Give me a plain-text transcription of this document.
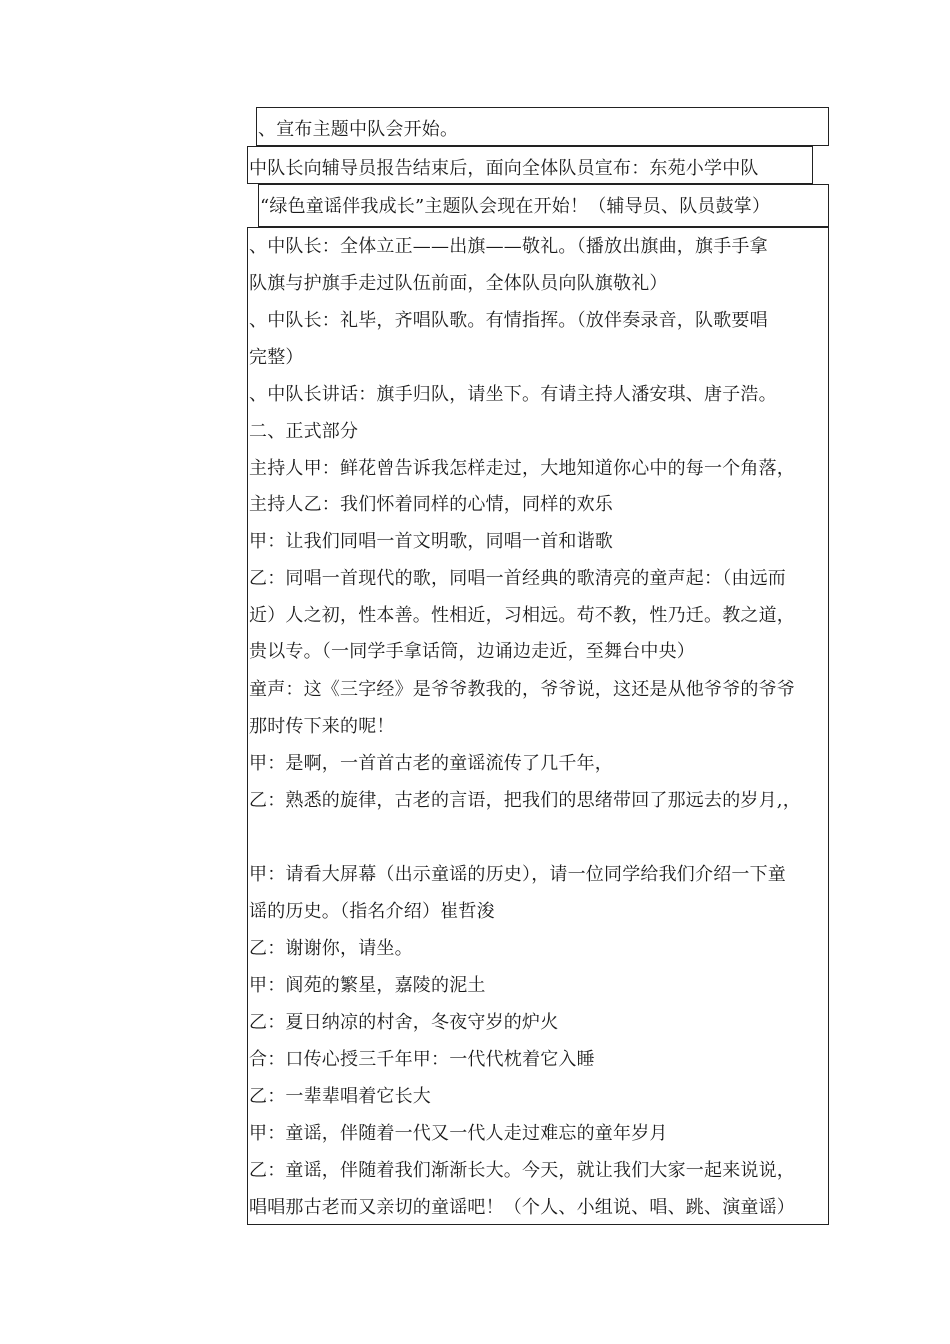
、宣布主题中队会开始。
中队长向辅导员报告结束后，面向全体队员宣布：东苑小学中队
“绿色童谣伴我成长”主题队会现在开始！（辅导员、队员鼓掌）
、中队长：全体立正——出旗——敬礼。（播放出旗曲，旗手手拿
队旗与护旗手走过队伍前面，全体队员向队旗敬礼）
、中队长：礼毕，齐唱队歌。有情指挥。（放伴奏录音，队歌要唱
完整）
、中队长讲话：旗手归队，请坐下。有请主持人潘安琪、唐子浩。
二、正式部分
主持人甲：鲜花曾告诉我怎样走过，大地知道你心中的每一个角落，
主持人乙：我们怀着同样的心情，同样的欢乐
甲：让我们同唱一首文明歌，同唱一首和谐歌
乙：同唱一首现代的歌，同唱一首经典的歌清亮的童声起：（由远而
近）人之初，性本善。性相近，习相远。苟不教，性乃迁。教之道，
贵以专。（一同学手拿话筒，边诵边走近，至舞台中央）
童声：这《三字经》是爷爷教我的，爷爷说，这还是从他爷爷的爷爷
那时传下来的呢！
甲：是啊，一首首古老的童谣流传了几千年，
乙：熟悉的旋律，古老的言语，把我们的思绪带回了那远去的岁月,，
甲：请看大屏幕（出示童谣的历史），请一位同学给我们介绍一下童
谣的历史。（指名介绍）崔哲浚
乙：谢谢你，请坐。
甲：阆苑的繁星，嘉陵的泥土
乙：夏日纳凉的村舍，冬夜守岁的炉火
合：口传心授三千年甲：一代代枕着它入睡
乙：一辈辈唱着它长大
甲：童谣，伴随着一代又一代人走过难忘的童年岁月
乙：童谣，伴随着我们渐渐长大。今天，就让我们大家一起来说说，
唱唱那古老而又亲切的童谣吧！（个人、小组说、唱、跳、演童谣）
